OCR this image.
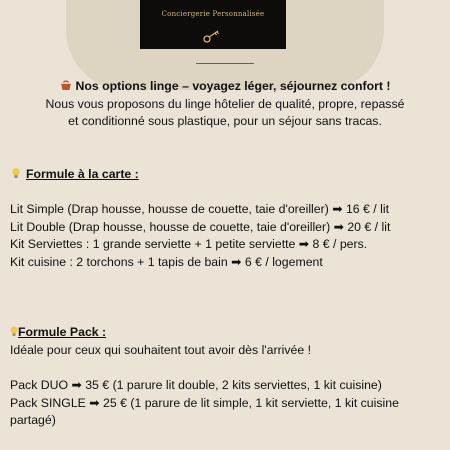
Conciergerie Personnalisée

Nos options linge – voyagez léger, séjournez confort !

Nous vous proposons du linge hôtelier de qualité, propre, repassé

et conditionné sous plastique, pour un séjour sans tracas.

Formule à la carte :

Lit Simple (Drap housse, housse de couette, taie d'oreiller) ➡ 16 € / lit

Lit Double (Drap housse, housse de couette, taie d'oreiller) ➡ 20 € / lit

Kit Serviettes : 1 grande serviette + 1 petite serviette ➡ 8 € / pers.

Kit cuisine : 2 torchons + 1 tapis de bain ➡ 6 € / logement

Formule Pack :

Idéale pour ceux qui souhaitent tout avoir dès l'arrivée !

Pack DUO ➡ 35 € (1 parure lit double, 2 kits serviettes, 1 kit cuisine)

Pack SINGLE ➡ 25 € (1 parure de lit simple, 1 kit serviette, 1 kit cuisine

partagé)
